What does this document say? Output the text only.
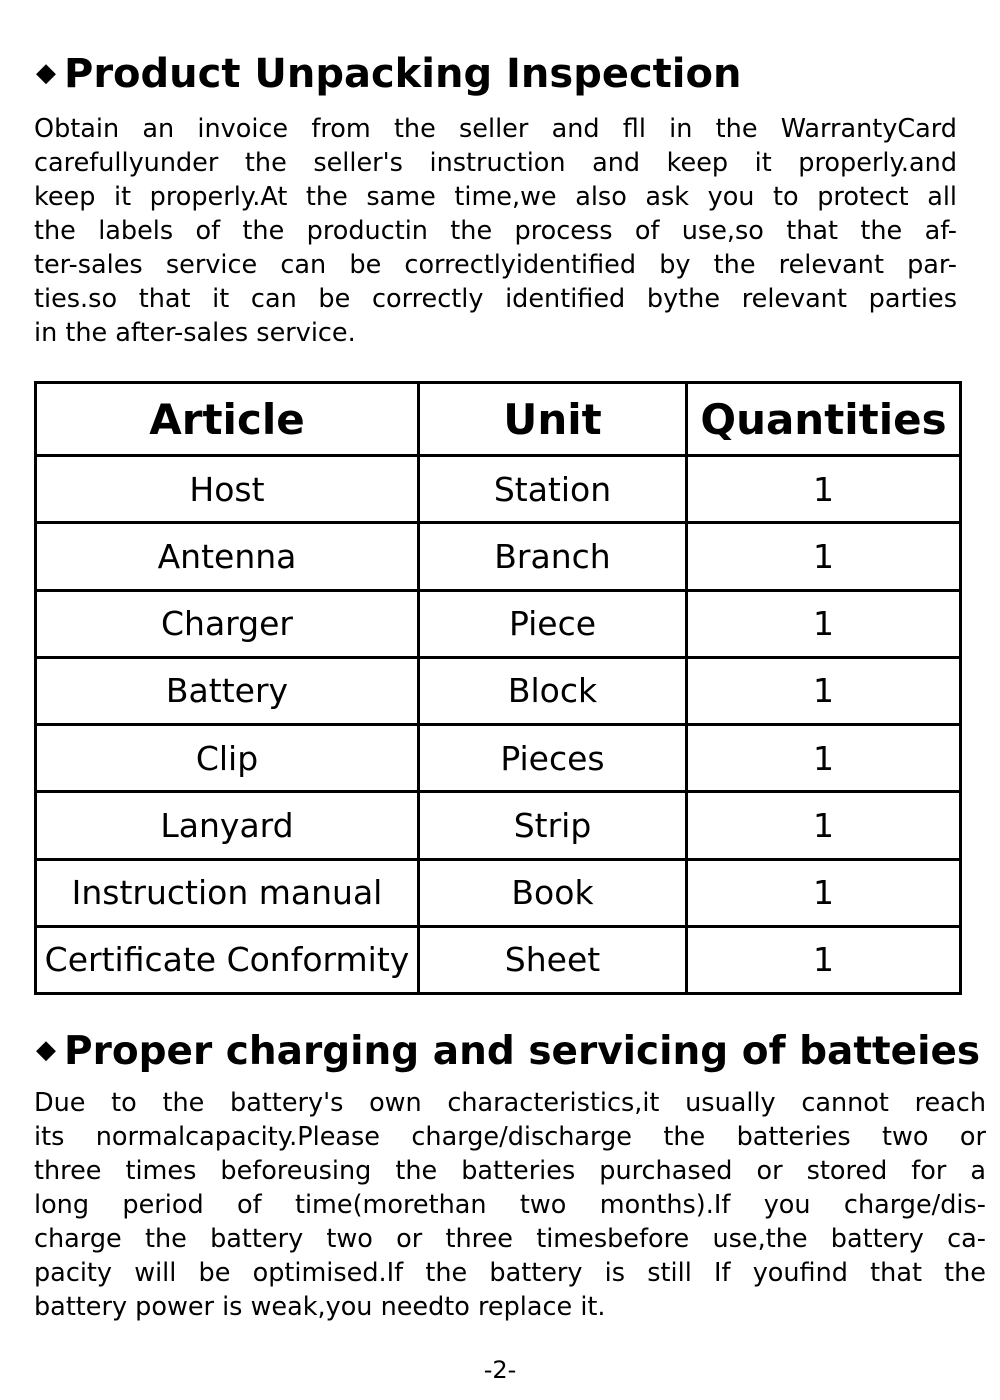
◆ Product Unpacking Inspection
Obtain an invoice from the seller and fll in the WarrantyCard
carefullyunder the seller's instruction and keep it properly.and
keep it properly.At the same time,we also ask you to protect all
the labels of the productin the process of use,so that the af-
ter-sales service can be correctlyidentified by the relevant par-
ties.so that it can be correctly identified bythe relevant parties
in the after-sales service.
Article	Unit	Quantities
Host	Station	1
Antenna	Branch	1
Charger	Piece	1
Battery	Block	1
Clip	Pieces	1
Lanyard	Strip	1
Instruction manual	Book	1
Certificate Conformity	Sheet	1
◆ Proper charging and servicing of batteies
Due to the battery's own characteristics,it usually cannot reach
its normalcapacity.Please charge/discharge the batteries two or
three times beforeusing the batteries purchased or stored for a
long period of time(morethan two months).If you charge/dis-
charge the battery two or three timesbefore use,the battery ca-
pacity will be optimised.If the battery is still If youfind that the
battery power is weak,you needto replace it.
-2-
